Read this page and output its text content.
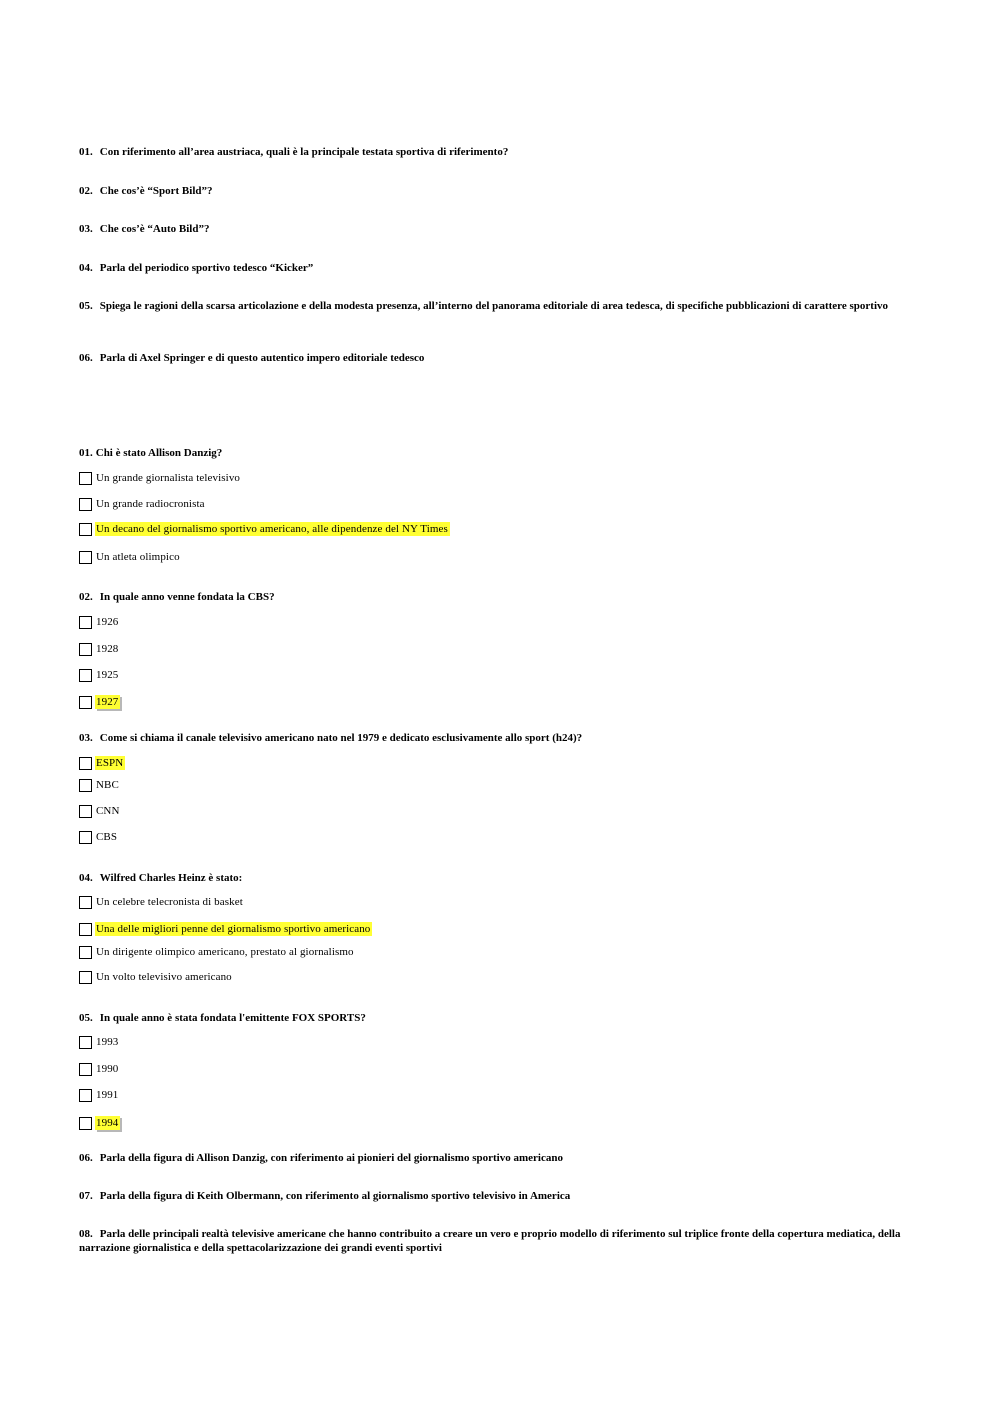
01. Con riferimento all’area austriaca, quali è la principale testata sportiva di riferimento?
02. Che cos’è “Sport Bild”?
03. Che cos’è “Auto Bild”?
04. Parla del periodico sportivo tedesco “Kicker”
05. Spiega le ragioni della scarsa articolazione e della modesta presenza, all’interno del panorama editoriale di area tedesca, di specifiche pubblicazioni di carattere sportivo
06. Parla di Axel Springer e di questo autentico impero editoriale tedesco
01. Chi è stato Allison Danzig?
Un grande giornalista televisivo
Un grande radiocronista
Un decano del giornalismo sportivo americano, alle dipendenze del NY Times
Un atleta olimpico
02. In quale anno venne fondata la CBS?
1926
1928
1925
1927
03. Come si chiama il canale televisivo americano nato nel 1979 e dedicato esclusivamente allo sport (h24)?
ESPN
NBC
CNN
CBS
04. Wilfred Charles Heinz è stato:
Un celebre telecronista di basket
Una delle migliori penne del giornalismo sportivo americano
Un dirigente olimpico americano, prestato al giornalismo
Un volto televisivo americano
05. In quale anno è stata fondata l'emittente FOX SPORTS?
1993
1990
1991
1994
06. Parla della figura di Allison Danzig, con riferimento ai pionieri del giornalismo sportivo americano
07. Parla della figura di Keith Olbermann, con riferimento al giornalismo sportivo televisivo in America
08. Parla delle principali realtà televisive americane che hanno contribuito a creare un vero e proprio modello di riferimento sul triplice fronte della copertura mediatica, della narrazione giornalistica e della spettacolarizzazione dei grandi eventi sportivi
